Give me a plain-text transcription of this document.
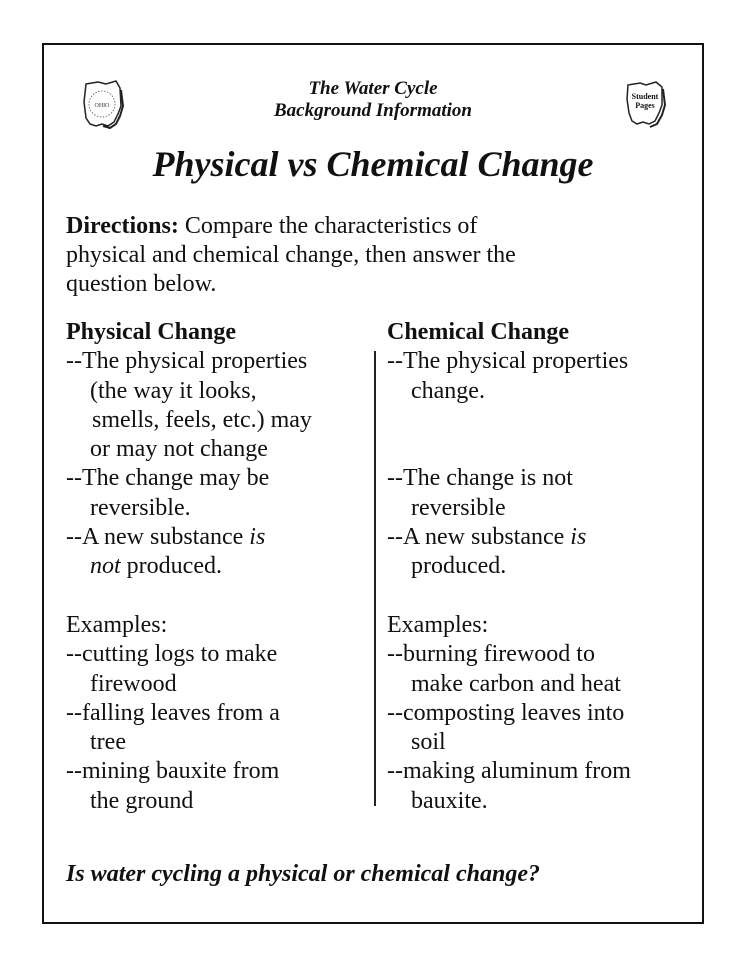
OHIO
The Water Cycle
Background Information
Student
Pages
Physical vs Chemical Change
Directions: Compare the characteristics of
physical and chemical change, then answer the
question below.
Physical Change
--The physical properties
(the way it looks,
smells, feels, etc.) may
or may not change
--The change may be
reversible.
--A new substance is
not produced.
Examples:
--cutting logs to make
firewood
--falling leaves from a
tree
--mining bauxite from
the ground
Chemical Change
--The physical properties
change.
--The change is not
reversible
--A new substance is
produced.
Examples:
--burning firewood to
make carbon and heat
--composting leaves into
soil
--making aluminum from
bauxite.
Is water cycling a physical or chemical change?
